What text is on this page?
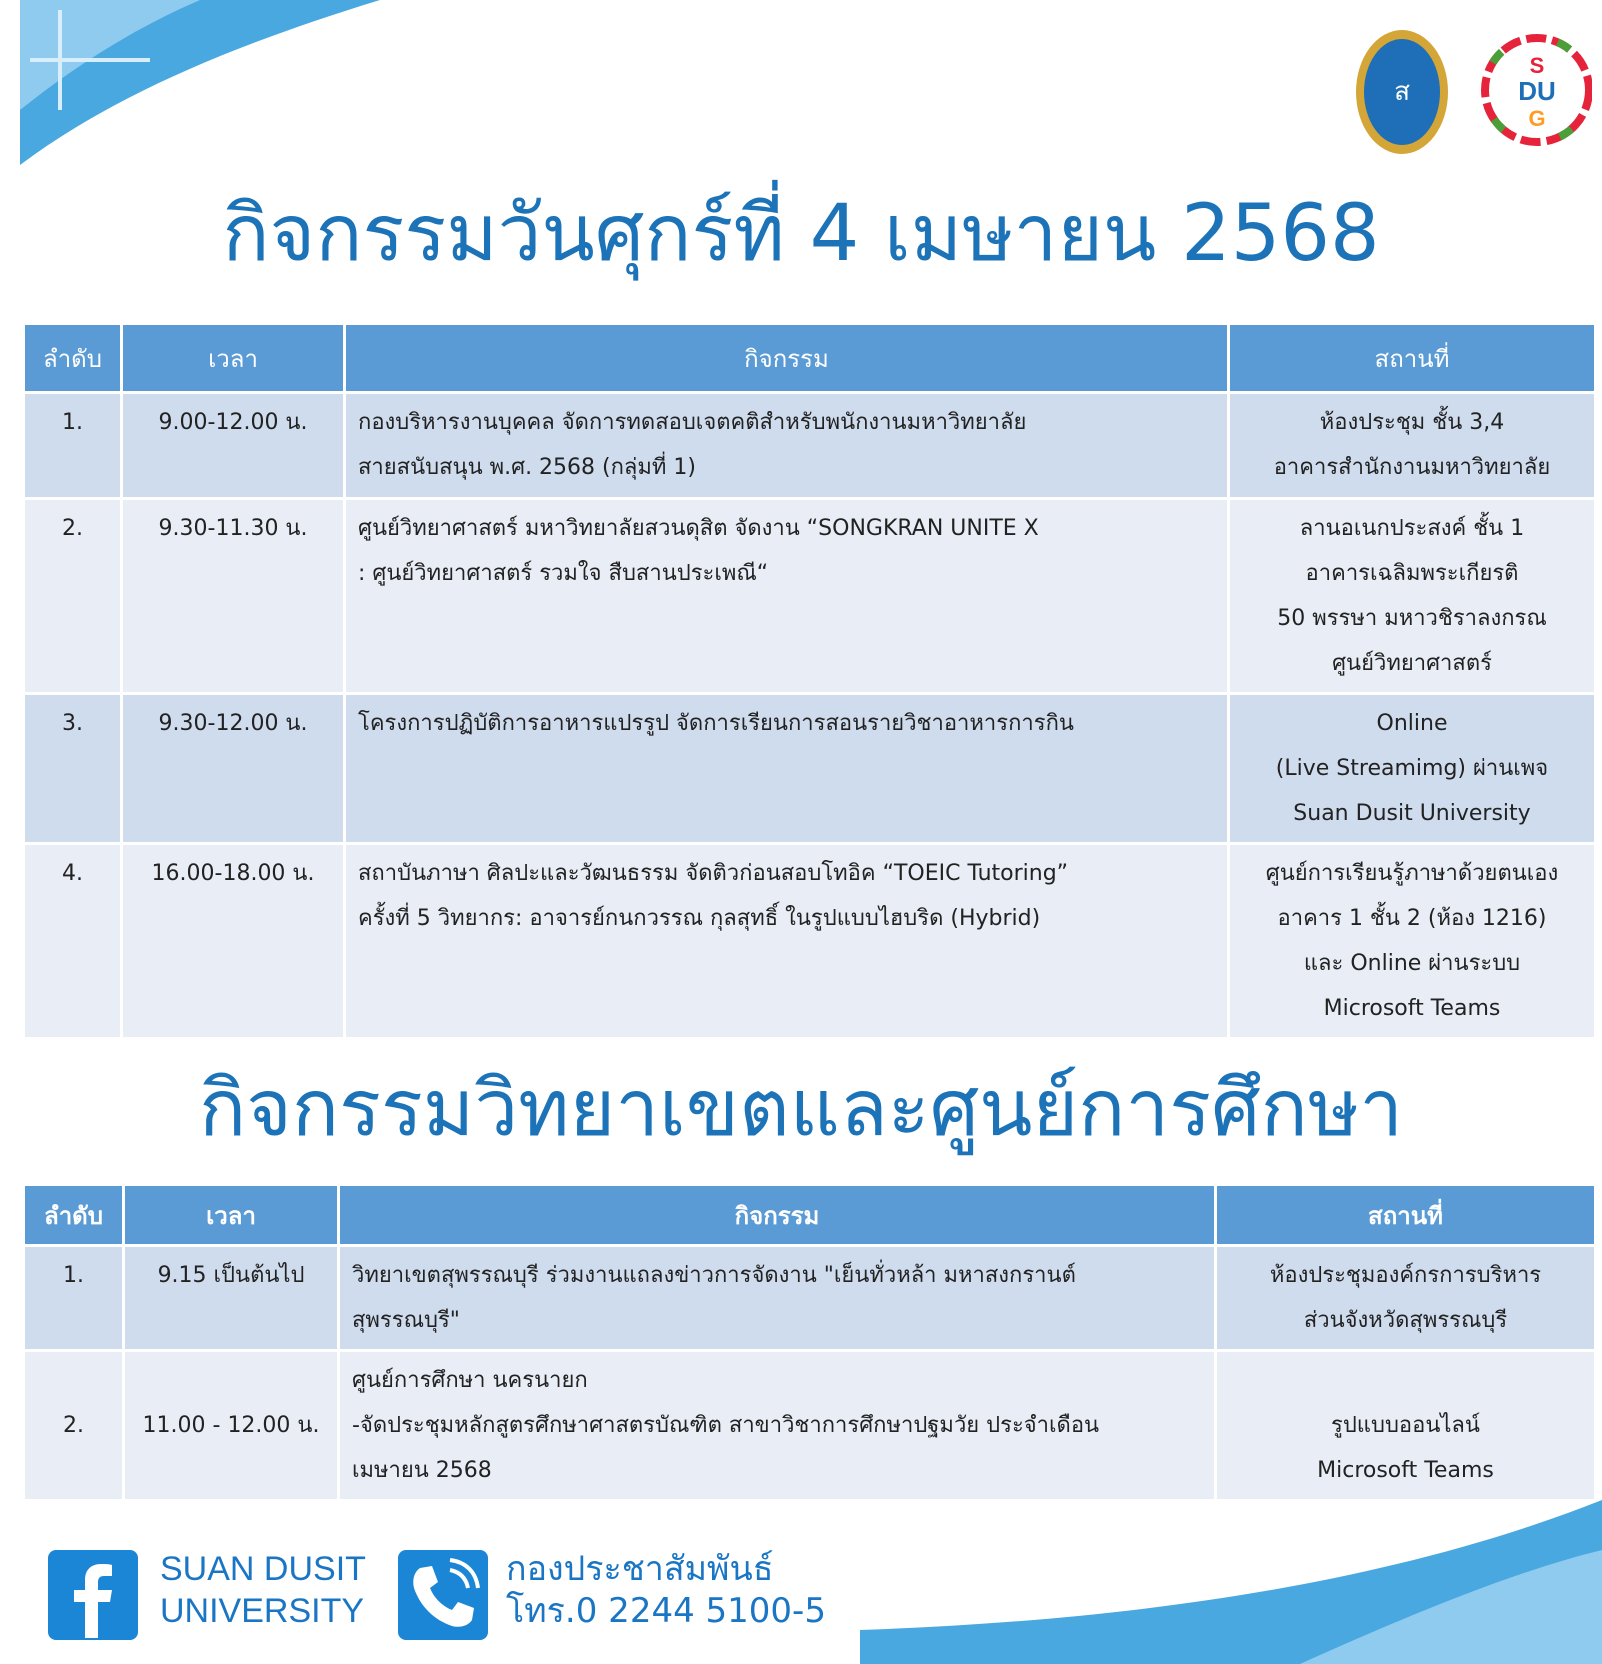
ส
S
DU
G
กิจกรรมวันศุกร์ที่ 4 เมษายน 2568
ลำดับ	เวลา	กิจกรรม	สถานที่
1.	9.00-12.00 น.	กองบริหารงานบุคคล จัดการทดสอบเจตคติสำหรับพนักงานมหาวิทยาลัย
สายสนับสนุน พ.ศ. 2568 (กลุ่มที่ 1)	ห้องประชุม ชั้น 3,4
อาคารสำนักงานมหาวิทยาลัย

2.	9.30-11.30 น.	ศูนย์วิทยาศาสตร์ มหาวิทยาลัยสวนดุสิต จัดงาน “SONGKRAN UNITE X
: ศูนย์วิทยาศาสตร์ รวมใจ สืบสานประเพณี“	ลานอเนกประสงค์ ชั้น 1
อาคารเฉลิมพระเกียรติ
50 พรรษา มหาวชิราลงกรณ
ศูนย์วิทยาศาสตร์

3.	9.30-12.00 น.	โครงการปฏิบัติการอาหารแปรรูป จัดการเรียนการสอนรายวิชาอาหารการกิน	Online
(Live Streamimg) ผ่านเพจ
Suan Dusit University

4.	16.00-18.00 น.	สถาบันภาษา ศิลปะและวัฒนธรรม จัดติวก่อนสอบโทอิค “TOEIC Tutoring”
ครั้งที่ 5 วิทยากร: อาจารย์กนกวรรณ กุลสุทธิ์ ในรูปแบบไฮบริด (Hybrid)	ศูนย์การเรียนรู้ภาษาด้วยตนเอง
อาคาร 1 ชั้น 2 (ห้อง 1216)
และ Online ผ่านระบบ
Microsoft Teams
กิจกรรมวิทยาเขตและศูนย์การศึกษา
ลำดับ	เวลา	กิจกรรม	สถานที่
1.	9.15 เป็นต้นไป	วิทยาเขตสุพรรณบุรี ร่วมงานแถลงข่าวการจัดงาน "เย็นทั่วหล้า มหาสงกรานต์
สุพรรณบุรี"	ห้องประชุมองค์กรการบริหาร
ส่วนจังหวัดสุพรรณบุรี

2.	11.00 - 12.00 น.	ศูนย์การศึกษา นครนายก
-จัดประชุมหลักสูตรศึกษาศาสตรบัณฑิต สาขาวิชาการศึกษาปฐมวัย ประจำเดือน
เมษายน 2568	รูปแบบออนไลน์
Microsoft Teams
SUAN DUSIT
UNIVERSITY
กองประชาสัมพันธ์
โทร.0 2244 5100-5
